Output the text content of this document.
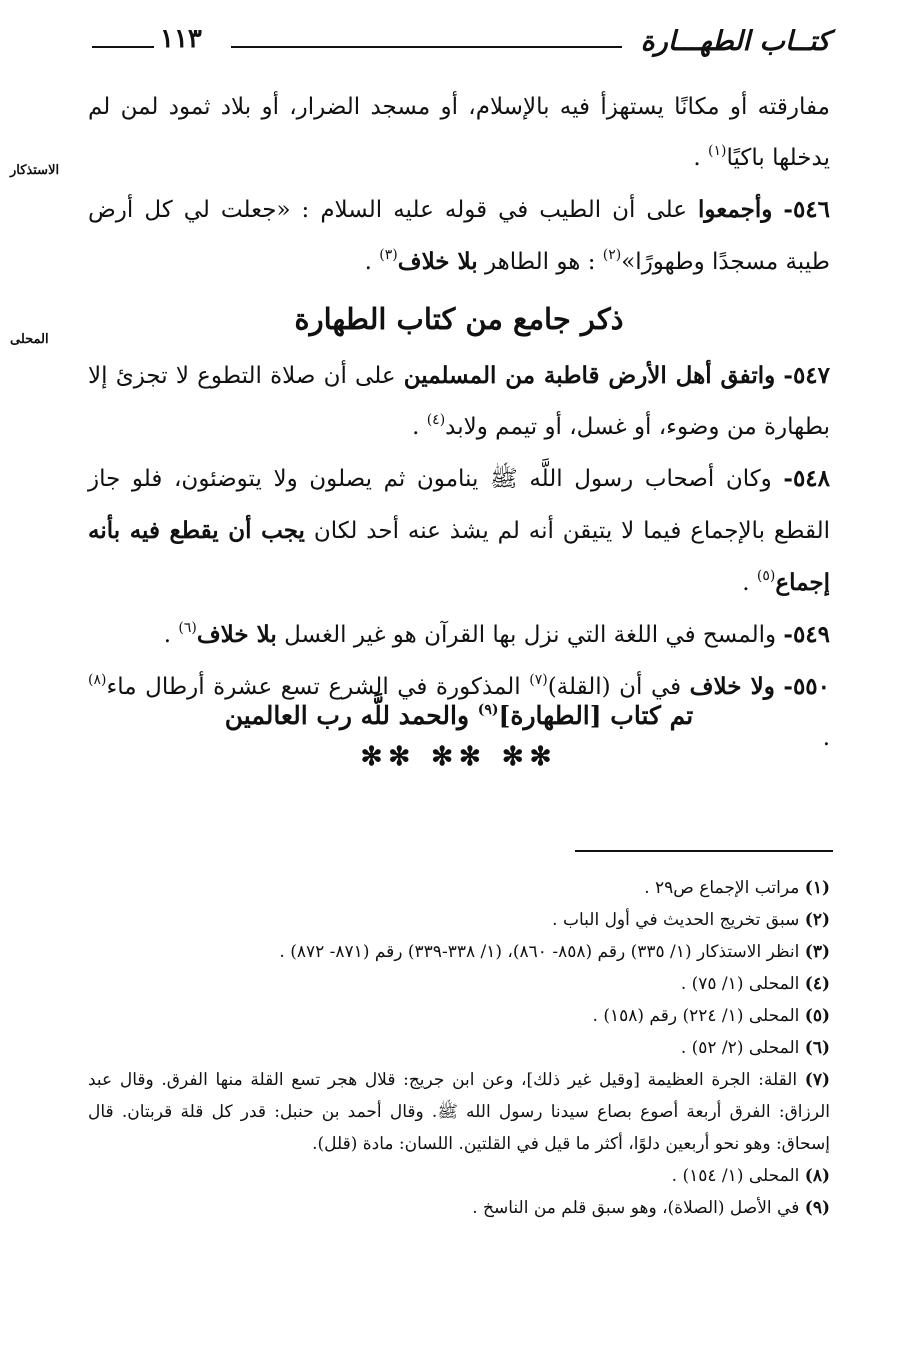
كتــاب الطهـــارة
١١٣
الاستذكار
المحلى

مفارقته أو مكانًا يستهزأ فيه بالإسلام، أو مسجد الضرار، أو بلاد ثمود لمن لم يدخلها باكيًا$^{(١)}$ .

٥٤٦- وأجمعوا على أن الطيب في قوله عليه السلام : «جعلت لي كل أرض طيبة مسجدًا وطهورًا»$^{(٢)}$ : هو الطاهر بلا خلاف$^{(٣)}$ .

ذكر جامع من كتاب الطهارة

٥٤٧- واتفق أهل الأرض قاطبة من المسلمين على أن صلاة التطوع لا تجزئ إلا بطهارة من وضوء، أو غسل، أو تيمم ولابد$^{(٤)}$ .

٥٤٨- وكان أصحاب رسول اللَّه ﷺ ينامون ثم يصلون ولا يتوضئون، فلو جاز القطع بالإجماع فيما لا يتيقن أنه لم يشذ عنه أحد لكان يجب أن يقطع فيه بأنه إجماع$^{(٥)}$ .

٥٤٩- والمسح في اللغة التي نزل بها القرآن هو غير الغسل بلا خلاف$^{(٦)}$ .

٥٥٠- ولا خلاف في أن (القلة)$^{(٧)}$ المذكورة في الشرع تسع عشرة أرطال ماء$^{(٨)}$ .

تم كتاب [الطهارة]$^{(٩)}$ والحمد للَّه رب العالمين
✻✻ ✻✻ ✻✻

(١) مراتب الإجماع ص٢٩ .

(٢) سبق تخريج الحديث في أول الباب .

(٣) انظر الاستذكار (١/ ٣٣٥) رقم (٨٥٨- ٨٦٠)، (١/ ٣٣٨-٣٣٩) رقم (٨٧١- ٨٧٢) .

(٤) المحلى (١/ ٧٥) .

(٥) المحلى (١/ ٢٢٤) رقم (١٥٨) .

(٦) المحلى (٢/ ٥٢) .

(٧) القلة: الجرة العظيمة [وقيل غير ذلك]، وعن ابن جريج: قلال هجر تسع القلة منها الفرق. وقال عبد الرزاق: الفرق أربعة أصوع بصاع سيدنا رسول الله ﷺ. وقال أحمد بن حنبل: قدر كل قلة قربتان. قال إسحاق: وهو نحو أربعين دلوًا، أكثر ما قيل في القلتين. اللسان: مادة (قلل).

(٨) المحلى (١/ ١٥٤) .

(٩) في الأصل (الصلاة)، وهو سبق قلم من الناسخ .
